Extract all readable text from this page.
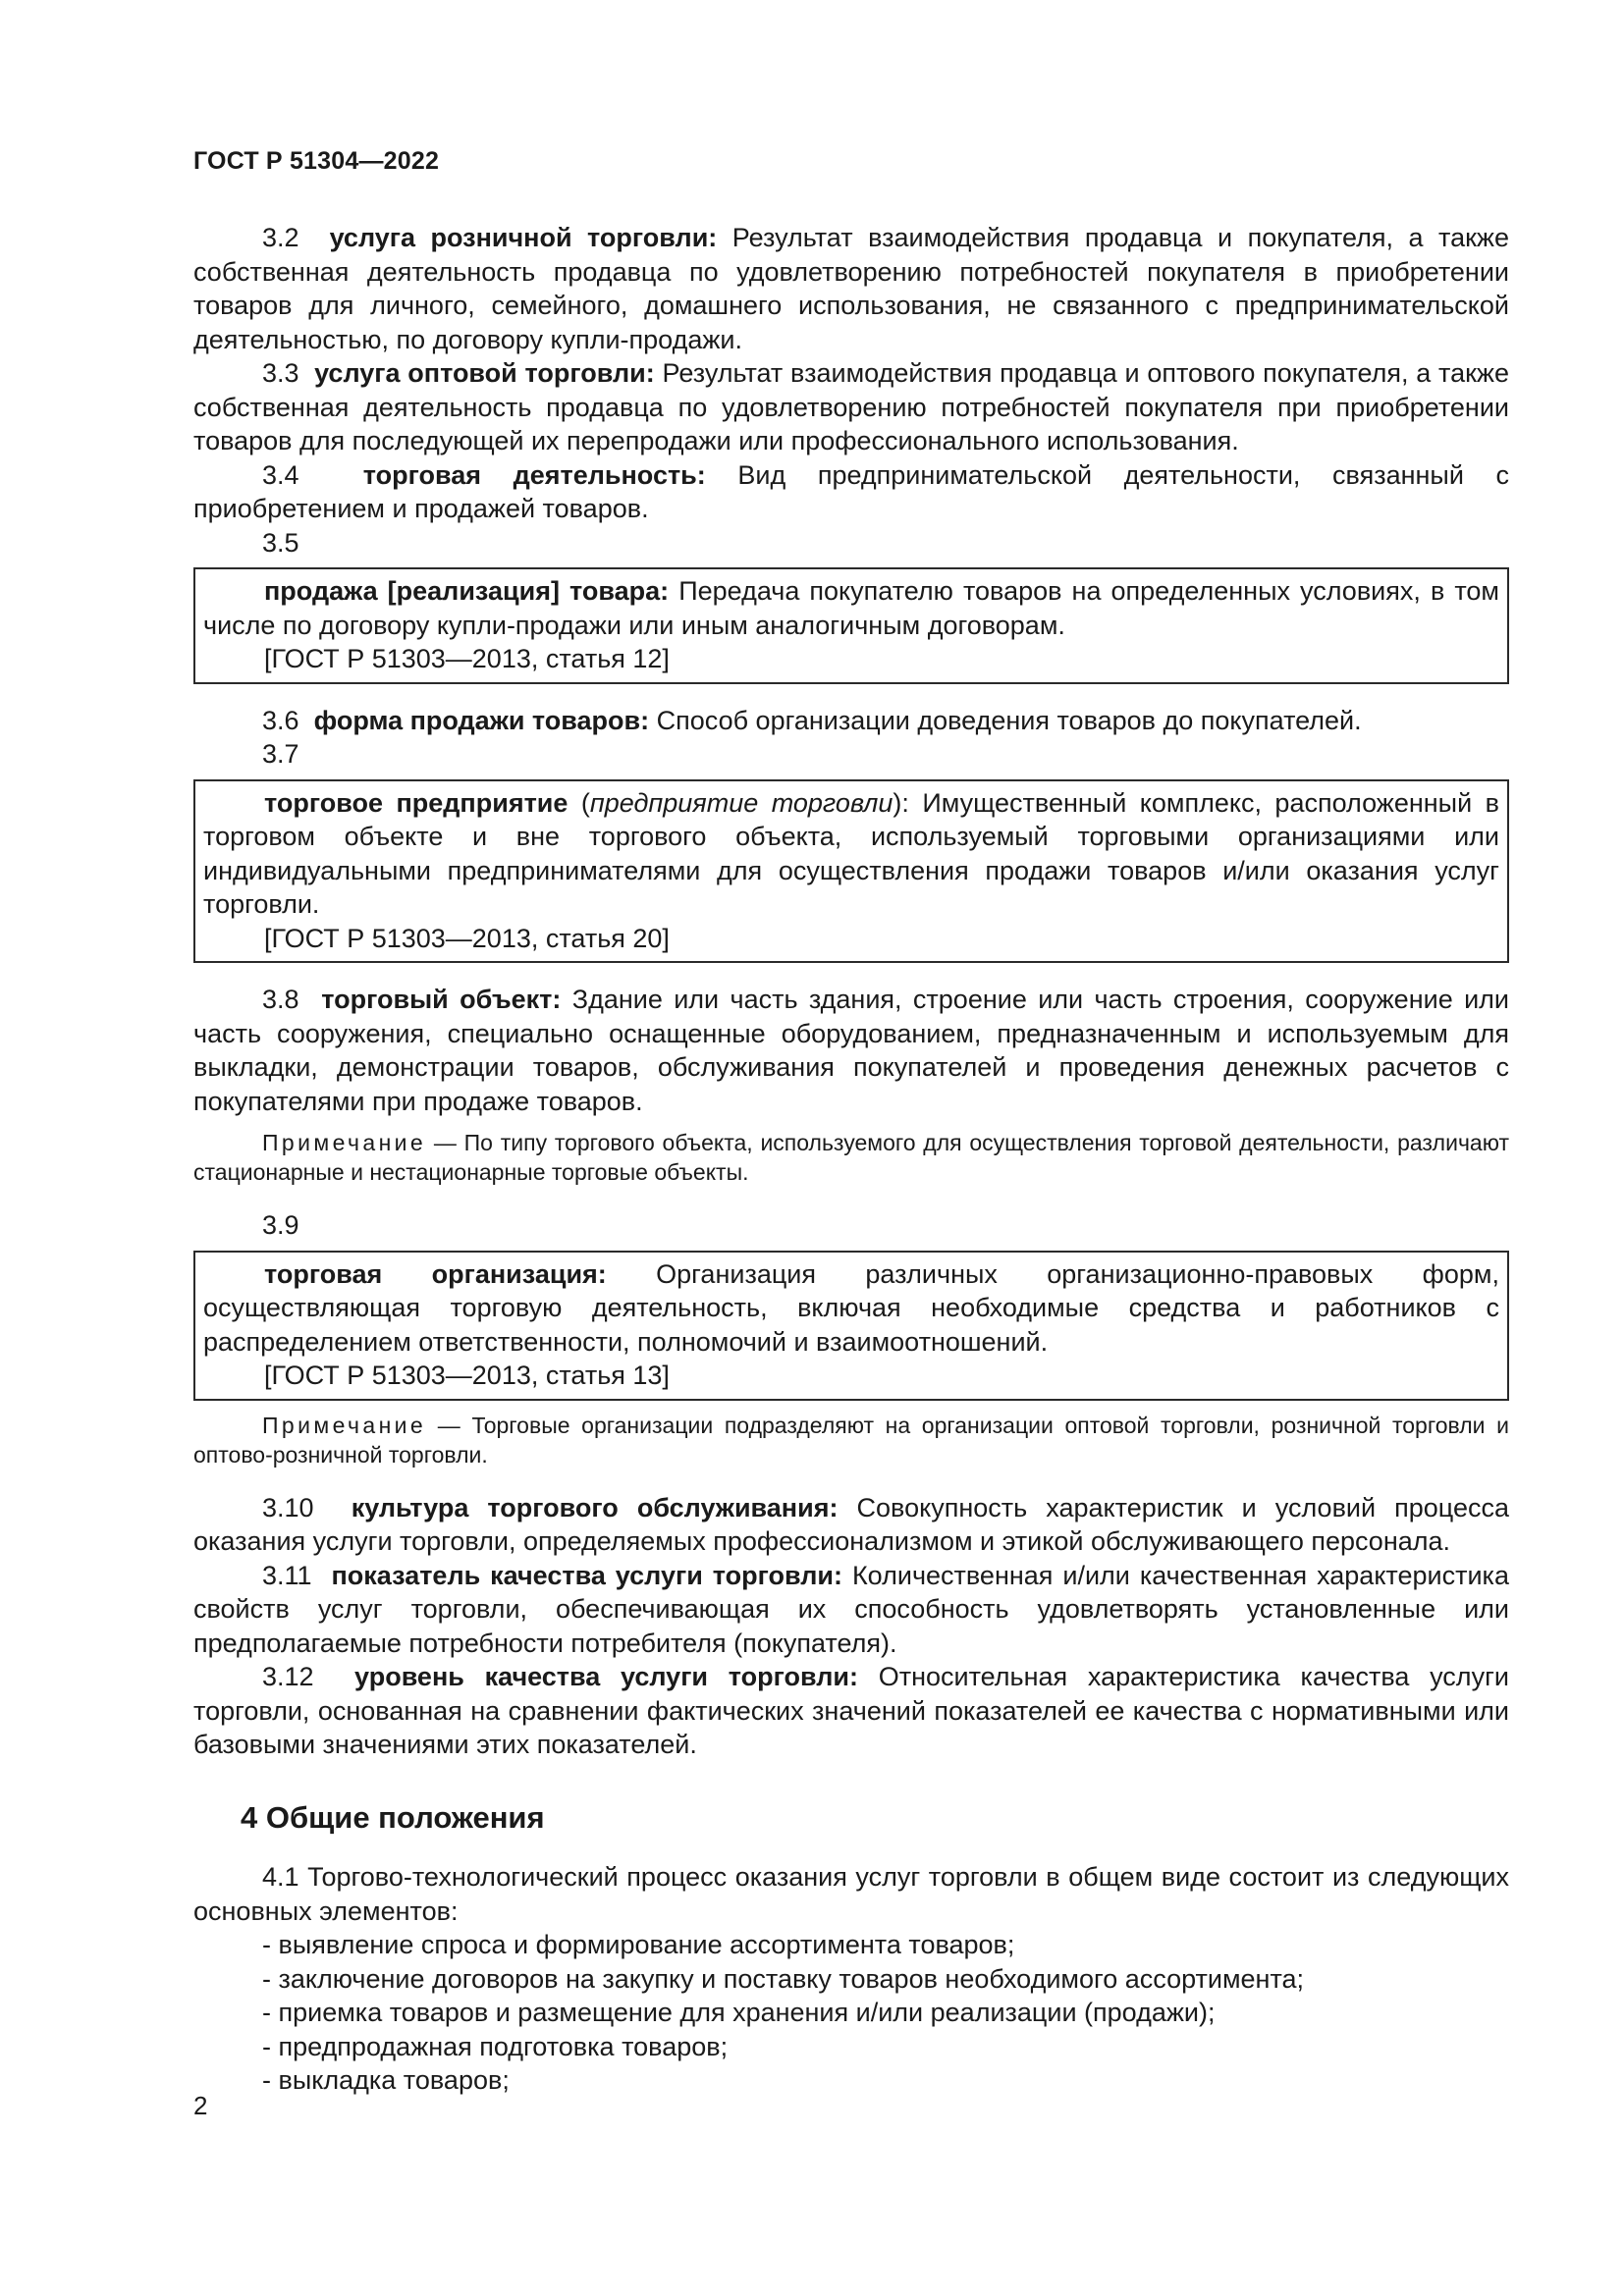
ГОСТ Р 51304—2022

3.2 услуга розничной торговли: Результат взаимодействия продавца и покупателя, а также собственная деятельность продавца по удовлетворению потребностей покупателя в приобретении товаров для личного, семейного, домашнего использования, не связанного с предпринимательской деятельностью, по договору купли-продажи.

3.3 услуга оптовой торговли: Результат взаимодействия продавца и оптового покупателя, а также собственная деятельность продавца по удовлетворению потребностей покупателя при приобретении товаров для последующей их перепродажи или профессионального использования.

3.4 торговая деятельность: Вид предпринимательской деятельности, связанный с приобретением и продажей товаров.

3.5

продажа [реализация] товара: Передача покупателю товаров на определенных условиях, в том числе по договору купли-продажи или иным аналогичным договорам.

[ГОСТ Р 51303—2013, статья 12]

3.6 форма продажи товаров: Способ организации доведения товаров до покупателей.

3.7

торговое предприятие (предприятие торговли): Имущественный комплекс, расположенный в торговом объекте и вне торгового объекта, используемый торговыми организациями или индивидуальными предпринимателями для осуществления продажи товаров и/или оказания услуг торговли.

[ГОСТ Р 51303—2013, статья 20]

3.8 торговый объект: Здание или часть здания, строение или часть строения, сооружение или часть сооружения, специально оснащенные оборудованием, предназначенным и используемым для выкладки, демонстрации товаров, обслуживания покупателей и проведения денежных расчетов с покупателями при продаже товаров.

Примечание — По типу торгового объекта, используемого для осуществления торговой деятельности, различают стационарные и нестационарные торговые объекты.

3.9

торговая организация: Организация различных организационно-правовых форм, осуществляющая торговую деятельность, включая необходимые средства и работников с распределением ответственности, полномочий и взаимоотношений.

[ГОСТ Р 51303—2013, статья 13]

Примечание — Торговые организации подразделяют на организации оптовой торговли, розничной торговли и оптово-розничной торговли.

3.10 культура торгового обслуживания: Совокупность характеристик и условий процесса оказания услуги торговли, определяемых профессионализмом и этикой обслуживающего персонала.

3.11 показатель качества услуги торговли: Количественная и/или качественная характеристика свойств услуг торговли, обеспечивающая их способность удовлетворять установленные или предполагаемые потребности потребителя (покупателя).

3.12 уровень качества услуги торговли: Относительная характеристика качества услуги торговли, основанная на сравнении фактических значений показателей ее качества с нормативными или базовыми значениями этих показателей.

4 Общие положения

4.1 Торгово-технологический процесс оказания услуг торговли в общем виде состоит из следующих основных элементов:

- выявление спроса и формирование ассортимента товаров;

- заключение договоров на закупку и поставку товаров необходимого ассортимента;

- приемка товаров и размещение для хранения и/или реализации (продажи);

- предпродажная подготовка товаров;

- выкладка товаров;

2
